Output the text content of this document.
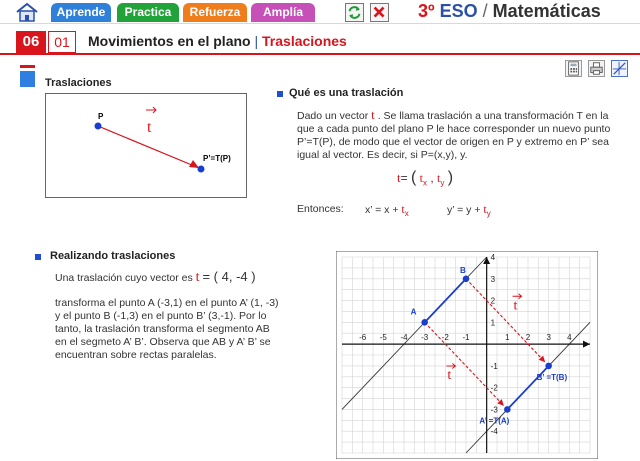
Aprende	Practica	Refuerza	Amplía	3º ESO / Matemáticas
06	01	Movimientos en el plano | Traslaciones
Traslaciones
P
t
P’=T(P)
Qué es una traslación
Dado un vector t . Se llama traslación a una transformación T en la que a cada punto del plano P le hace corresponder un nuevo punto P’=T(P), de modo que el vector de origen en P y extremo en P’ sea igual al vector. Es decir, si P=(x,y), y.
t= ( $t_x$ , $t_y$ )
Entonces: x’ = $x + t_x$	y’ = $y + t_y$
Realizando traslaciones
Una traslación cuyo vector es t = ( 4, -4 )
transforma el punto A (-3,1) en el punto A’ (1, -3) y el punto B (-1,3) en el punto B’ (3,-1). Por lo tanto, la traslación transforma el segmento AB en el segmeto A’ B’. Observa que AB y A’ B’ se encuentran sobre rectas paralelas.
-6 -5 -4 -3 -2 -1	1 2 3 4
4
3
2
1
-1
-2
-3
-4
t
t
A
B
A’ =T(A)
B’ =T(B)
